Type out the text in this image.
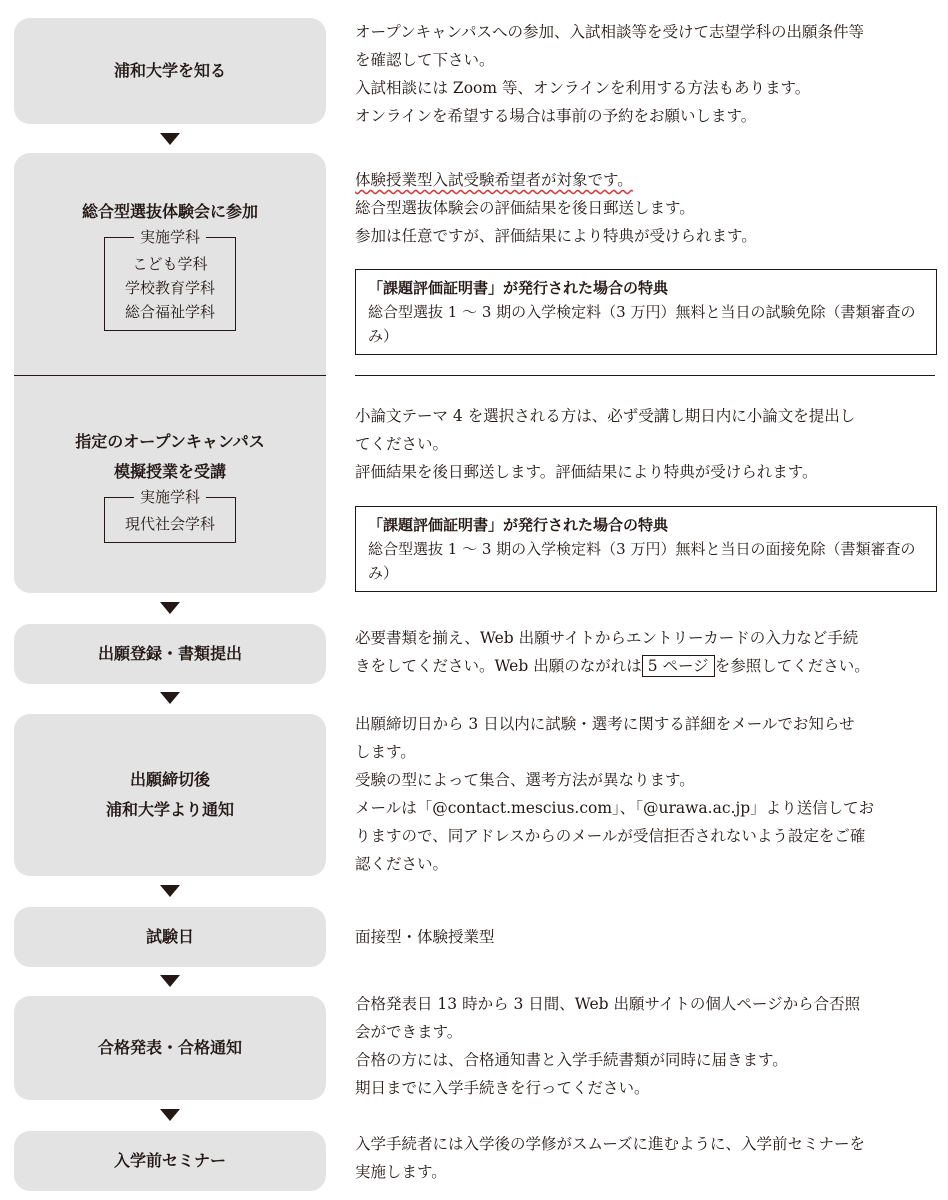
浦和大学を知る

オープンキャンパスへの参加、入試相談等を受けて志望学科の出願条件等

を確認して下さい。

入試相談には Zoom 等、オンラインを利用する方法もあります。

オンラインを希望する場合は事前の予約をお願いします。

総合型選抜体験会に参加
実施学科
こども学科
学校教育学科
総合福祉学科

体験授業型入試受験希望者が対象です。

総合型選抜体験会の評価結果を後日郵送します。

参加は任意ですが、評価結果により特典が受けられます。

「課題評価証明書」が発行された場合の特典
総合型選抜 1 ～ 3 期の入学検定料（3 万円）無料と当日の試験免除（書類審査のみ）
指定のオープンキャンパス
模擬授業を受講
実施学科
現代社会学科

小論文テーマ 4 を選択される方は、必ず受講し期日内に小論文を提出し

てください。

評価結果を後日郵送します。評価結果により特典が受けられます。

「課題評価証明書」が発行された場合の特典
総合型選抜 1 ～ 3 期の入学検定料（3 万円）無料と当日の面接免除（書類審査のみ）
出願登録・書類提出

必要書類を揃え、Web 出願サイトからエントリーカードの入力など手続

きをしてください。Web 出願のながれは 5 ページ を参照してください。

出願締切後
浦和大学より通知

出願締切日から 3 日以内に試験・選考に関する詳細をメールでお知らせ

します。

受験の型によって集合、選考方法が異なります。

メールは「@contact.mescius.com」、「@urawa.ac.jp」より送信してお

りますので、同アドレスからのメールが受信拒否されないよう設定をご確

認ください。

試験日	面接型・体験授業型

合格発表・合格通知

合格発表日 13 時から 3 日間、Web 出願サイトの個人ページから合否照

会ができます。

合格の方には、合格通知書と入学手続書類が同時に届きます。

期日までに入学手続きを行ってください。

入学前セミナー

入学手続者には入学後の学修がスムーズに進むように、入学前セミナーを

実施します。
